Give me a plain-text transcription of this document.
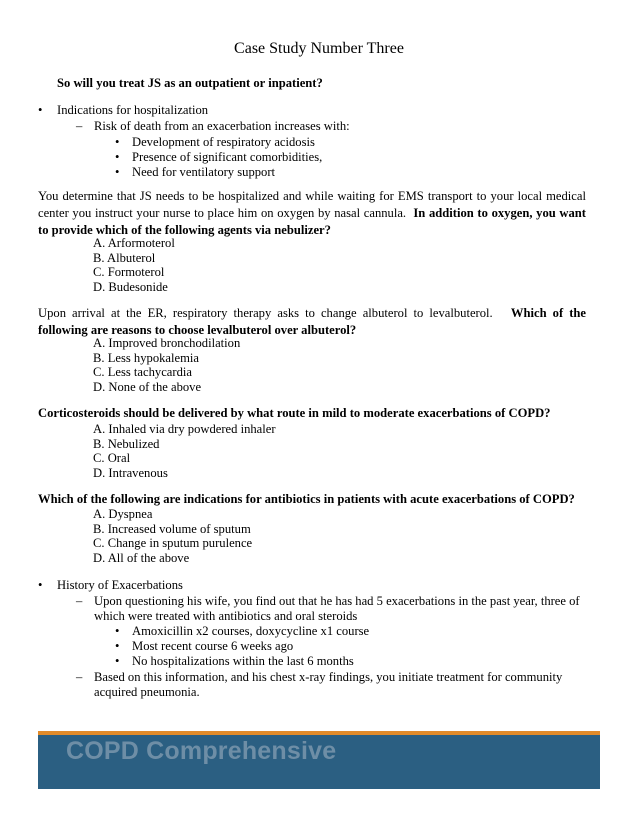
Case Study Number Three
So will you treat JS as an outpatient or inpatient?
• Indications for hospitalization
– Risk of death from an exacerbation increases with:
• Development of respiratory acidosis
• Presence of significant comorbidities,
• Need for ventilatory support
You determine that JS needs to be hospitalized and while waiting for EMS transport to your local medical center you instruct your nurse to place him on oxygen by nasal cannula. In addition to oxygen, you want to provide which of the following agents via nebulizer?
A. Arformoterol
B. Albuterol
C. Formoterol
D. Budesonide
Upon arrival at the ER, respiratory therapy asks to change albuterol to levalbuterol. Which of the following are reasons to choose levalbuterol over albuterol?
A. Improved bronchodilation
B. Less hypokalemia
C. Less tachycardia
D. None of the above
Corticosteroids should be delivered by what route in mild to moderate exacerbations of COPD?
A. Inhaled via dry powdered inhaler
B. Nebulized
C. Oral
D. Intravenous
Which of the following are indications for antibiotics in patients with acute exacerbations of COPD?
A. Dyspnea
B. Increased volume of sputum
C. Change in sputum purulence
D. All of the above
• History of Exacerbations
– Upon questioning his wife, you find out that he has had 5 exacerbations in the past year, three of
which were treated with antibiotics and oral steroids
• Amoxicillin x2 courses, doxycycline x1 course
• Most recent course 6 weeks ago
• No hospitalizations within the last 6 months
– Based on this information, and his chest x-ray findings, you initiate treatment for community
acquired pneumonia.
COPD Comprehensive
